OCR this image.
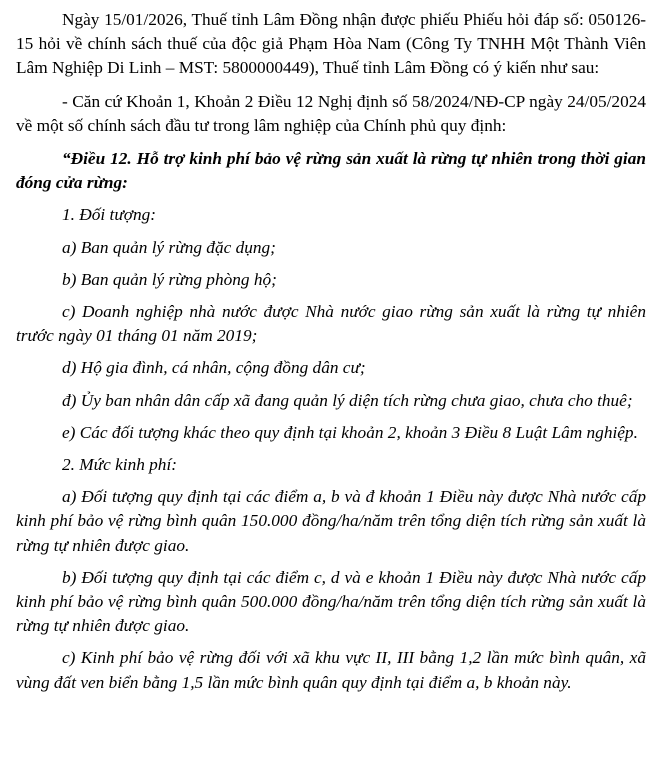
Ngày 15/01/2026, Thuế tỉnh Lâm Đồng nhận được phiếu Phiếu hỏi đáp số: 050126-15 hỏi về chính sách thuế của độc giả Phạm Hòa Nam (Công Ty TNHH Một Thành Viên Lâm Nghiệp Di Linh – MST: 5800000449), Thuế tỉnh Lâm Đồng có ý kiến như sau:

- Căn cứ Khoản 1, Khoản 2 Điều 12 Nghị định số 58/2024/NĐ-CP ngày 24/05/2024 về một số chính sách đầu tư trong lâm nghiệp của Chính phủ quy định:

“Điều 12. Hỗ trợ kinh phí bảo vệ rừng sản xuất là rừng tự nhiên trong thời gian đóng cửa rừng:

1. Đối tượng:

a) Ban quản lý rừng đặc dụng;

b) Ban quản lý rừng phòng hộ;

c) Doanh nghiệp nhà nước được Nhà nước giao rừng sản xuất là rừng tự nhiên trước ngày 01 tháng 01 năm 2019;

d) Hộ gia đình, cá nhân, cộng đồng dân cư;

đ) Ủy ban nhân dân cấp xã đang quản lý diện tích rừng chưa giao, chưa cho thuê;

e) Các đối tượng khác theo quy định tại khoản 2, khoản 3 Điều 8 Luật Lâm nghiệp.

2. Mức kinh phí:

a) Đối tượng quy định tại các điểm a, b và đ khoản 1 Điều này được Nhà nước cấp kinh phí bảo vệ rừng bình quân 150.000 đồng/ha/năm trên tổng diện tích rừng sản xuất là rừng tự nhiên được giao.

b) Đối tượng quy định tại các điểm c, d và e khoản 1 Điều này được Nhà nước cấp kinh phí bảo vệ rừng bình quân 500.000 đồng/ha/năm trên tổng diện tích rừng sản xuất là rừng tự nhiên được giao.

c) Kinh phí bảo vệ rừng đối với xã khu vực II, III bằng 1,2 lần mức bình quân, xã vùng đất ven biển bằng 1,5 lần mức bình quân quy định tại điểm a, b khoản này.
